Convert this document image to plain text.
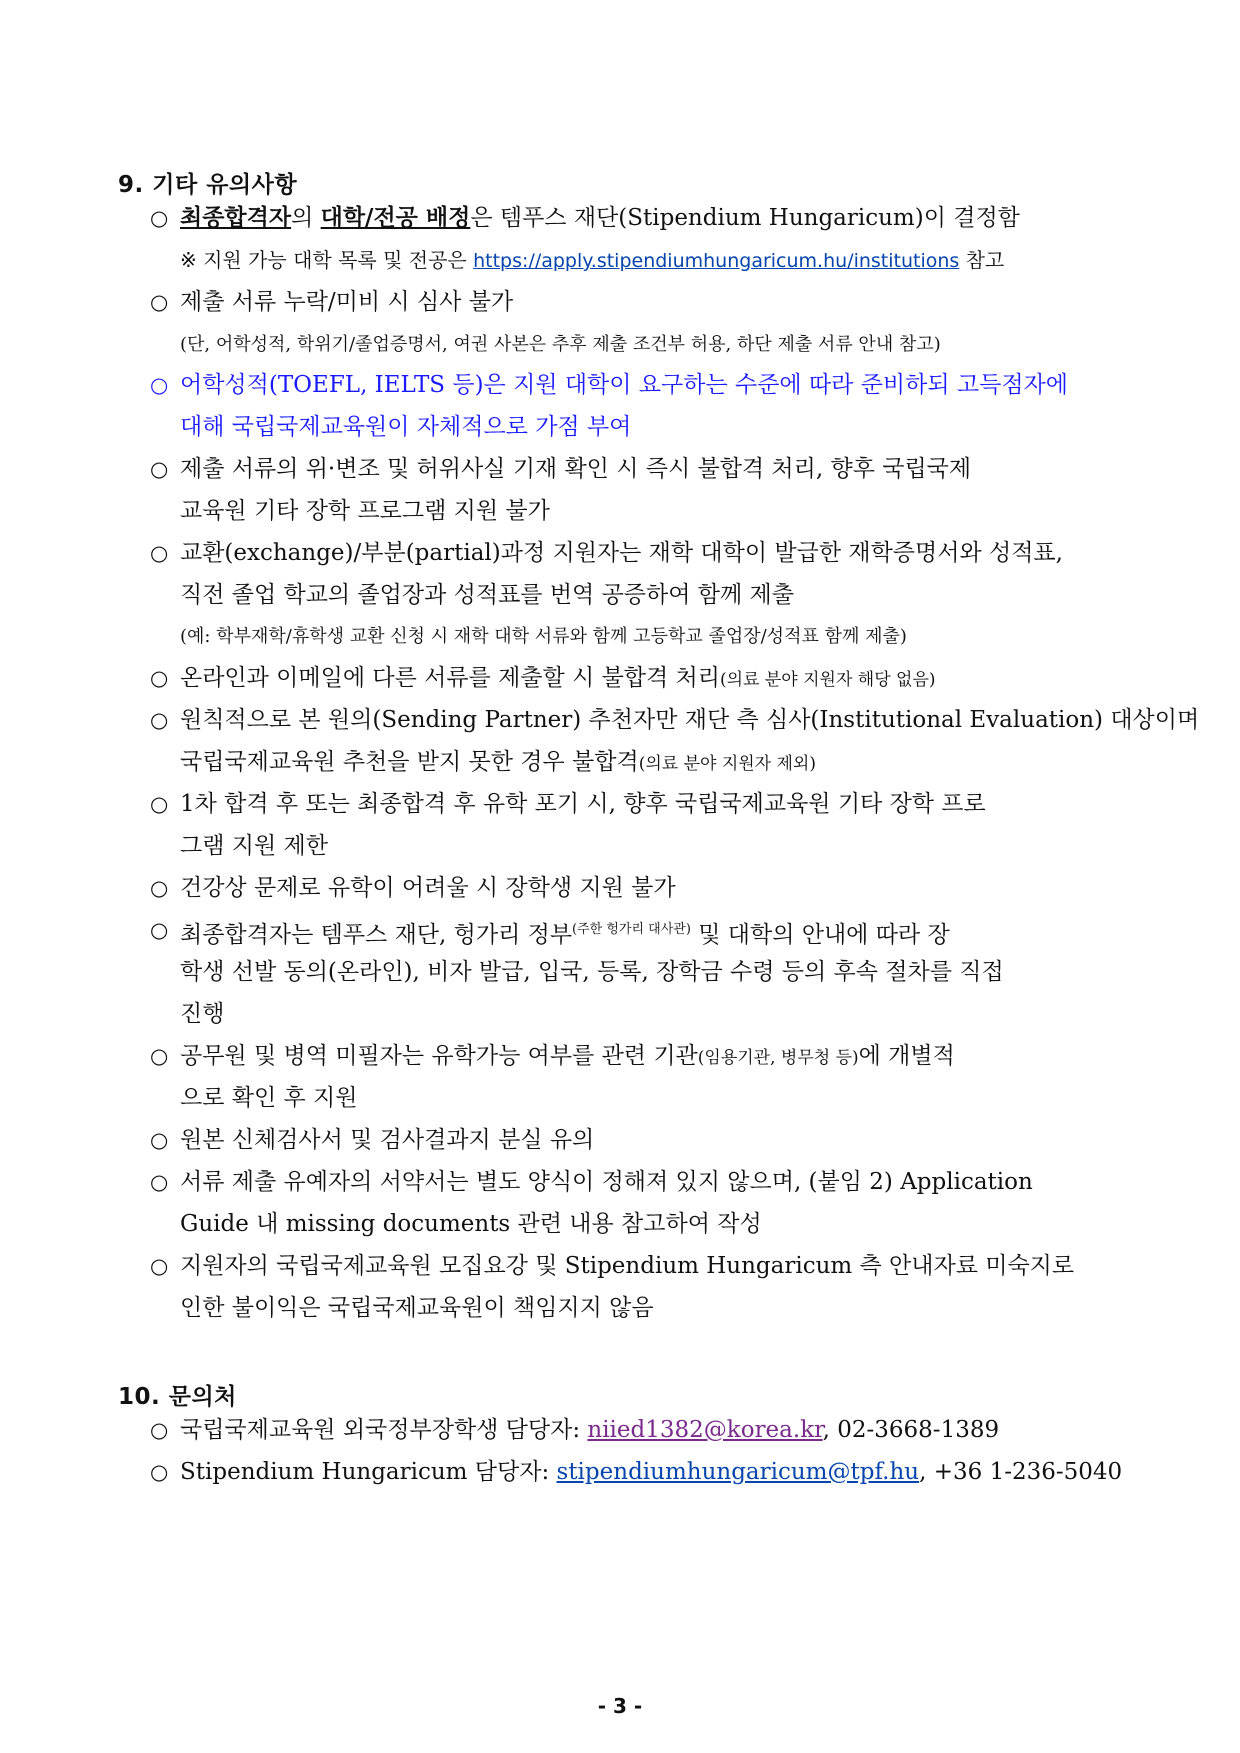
9. 기타 유의사항
○ 최종합격자의 대학/전공 배정은 템푸스 재단(Stipendium Hungaricum)이 결정함
※ 지원 가능 대학 목록 및 전공은 https://apply.stipendiumhungaricum.hu/institutions 참고
○ 제출 서류 누락/미비 시 심사 불가
(단, 어학성적, 학위기/졸업증명서, 여권 사본은 추후 제출 조건부 허용, 하단 제출 서류 안내 참고)
○ 어학성적(TOEFL, IELTS 등)은 지원 대학이 요구하는 수준에 따라 준비하되 고득점자에
대해 국립국제교육원이 자체적으로 가점 부여
○ 제출 서류의 위·변조 및 허위사실 기재 확인 시 즉시 불합격 처리, 향후 국립국제
교육원 기타 장학 프로그램 지원 불가
○ 교환(exchange)/부분(partial)과정 지원자는 재학 대학이 발급한 재학증명서와 성적표,
직전 졸업 학교의 졸업장과 성적표를 번역 공증하여 함께 제출
(예: 학부재학/휴학생 교환 신청 시 재학 대학 서류와 함께 고등학교 졸업장/성적표 함께 제출)
○ 온라인과 이메일에 다른 서류를 제출할 시 불합격 처리(의료 분야 지원자 해당 없음)
○ 원칙적으로 본 원의(Sending Partner) 추천자만 재단 측 심사(Institutional Evaluation) 대상이며
국립국제교육원 추천을 받지 못한 경우 불합격(의료 분야 지원자 제외)
○ 1차 합격 후 또는 최종합격 후 유학 포기 시, 향후 국립국제교육원 기타 장학 프로
그램 지원 제한
○ 건강상 문제로 유학이 어려울 시 장학생 지원 불가
○ 최종합격자는 템푸스 재단, 헝가리 정부$^{(주한 헝가리 대사관)}$ 및 대학의 안내에 따라 장
학생 선발 동의(온라인), 비자 발급, 입국, 등록, 장학금 수령 등의 후속 절차를 직접
진행
○ 공무원 및 병역 미필자는 유학가능 여부를 관련 기관(임용기관, 병무청 등)에 개별적
으로 확인 후 지원
○ 원본 신체검사서 및 검사결과지 분실 유의
○ 서류 제출 유예자의 서약서는 별도 양식이 정해져 있지 않으며, (붙임 2) Application
Guide 내 missing documents 관련 내용 참고하여 작성
○ 지원자의 국립국제교육원 모집요강 및 Stipendium Hungaricum 측 안내자료 미숙지로
인한 불이익은 국립국제교육원이 책임지지 않음
10. 문의처
○ 국립국제교육원 외국정부장학생 담당자: niied1382@korea.kr, 02-3668-1389
○ Stipendium Hungaricum 담당자: stipendiumhungaricum@tpf.hu, +36 1-236-5040
- 3 -
